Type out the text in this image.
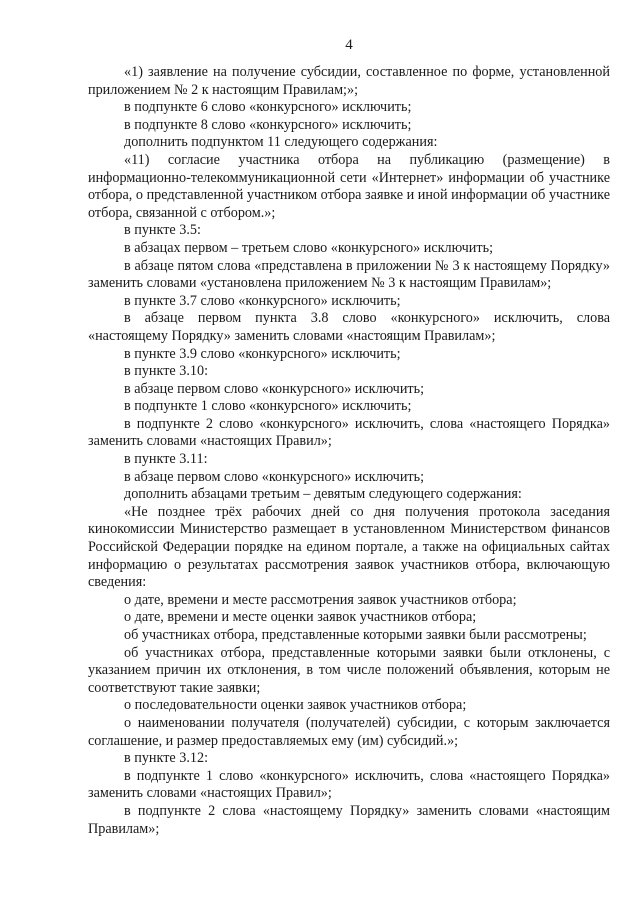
4

«1) заявление на получение субсидии, составленное по форме, установленной приложением № 2 к настоящим Правилам;»;

в подпункте 6 слово «конкурсного» исключить;

в подпункте 8 слово «конкурсного» исключить;

дополнить подпунктом 11 следующего содержания:

«11) согласие участника отбора на публикацию (размещение) в информационно-телекоммуникационной сети «Интернет» информации об участнике отбора, о представленной участником отбора заявке и иной информации об участнике отбора, связанной с отбором.»;

в пункте 3.5:

в абзацах первом – третьем слово «конкурсного» исключить;

в абзаце пятом слова «представлена в приложении № 3 к настоящему Порядку» заменить словами «установлена приложением № 3 к настоящим Правилам»;

в пункте 3.7 слово «конкурсного» исключить;

в абзаце первом пункта 3.8 слово «конкурсного» исключить, слова «настоящему Порядку» заменить словами «настоящим Правилам»;

в пункте 3.9 слово «конкурсного» исключить;

в пункте 3.10:

в абзаце первом слово «конкурсного» исключить;

в подпункте 1 слово «конкурсного» исключить;

в подпункте 2 слово «конкурсного» исключить, слова «настоящего Порядка» заменить словами «настоящих Правил»;

в пункте 3.11:

в абзаце первом слово «конкурсного» исключить;

дополнить абзацами третьим – девятым следующего содержания:

«Не позднее трёх рабочих дней со дня получения протокола заседания кинокомиссии Министерство размещает в установленном Министерством финансов Российской Федерации порядке на едином портале, а также на официальных сайтах информацию о результатах рассмотрения заявок участников отбора, включающую сведения:

о дате, времени и месте рассмотрения заявок участников отбора;

о дате, времени и месте оценки заявок участников отбора;

об участниках отбора, представленные которыми заявки были рассмотрены;

об участниках отбора, представленные которыми заявки были отклонены, с указанием причин их отклонения, в том числе положений объявления, которым не соответствуют такие заявки;

о последовательности оценки заявок участников отбора;

о наименовании получателя (получателей) субсидии, с которым заключается соглашение, и размер предоставляемых ему (им) субсидий.»;

в пункте 3.12:

в подпункте 1 слово «конкурсного» исключить, слова «настоящего Порядка» заменить словами «настоящих Правил»;

в подпункте 2 слова «настоящему Порядку» заменить словами «настоящим Правилам»;
